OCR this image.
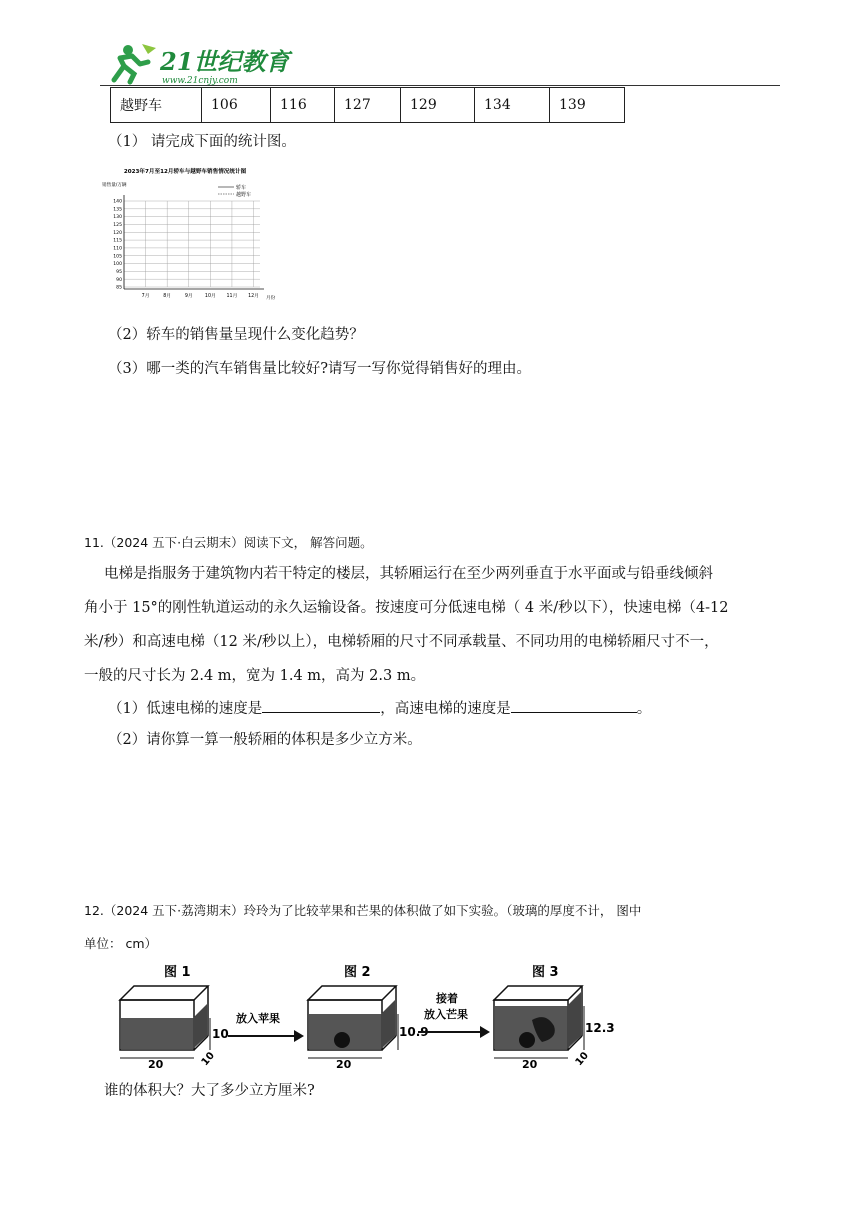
21世纪教育
www.21cnjy.com
越野车	106	116	127	129	134	139
（1） 请完成下面的统计图。
2023年7月至12月轿车与越野车销售情况统计图
销售量/万辆
月份
轿车
越野车
140
135
130
125
120
115
110
105
100
95
90
85
7月	8月	9月	10月 11月 12月
（2）轿车的销售量呈现什么变化趋势？
（3）哪一类的汽车销售量比较好?请写一写你觉得销售好的理由。
11.（2024 五下·白云期末）阅读下文， 解答问题。
电梯是指服务于建筑物内若干特定的楼层，其轿厢运行在至少两列垂直于水平面或与铅垂线倾斜
角小于 15°的刚性轨道运动的永久运输设备。按速度可分低速电梯（ 4 米/秒以下），快速电梯（4-12
米/秒）和高速电梯（12 米/秒以上），电梯轿厢的尺寸不同承载量、不同功用的电梯轿厢尺寸不一，
一般的尺寸长为 2.4 m，宽为 1.4 m，高为 2.3 m。
（1）低速电梯的速度是	，高速电梯的速度是	。
（2）请你算一算一般轿厢的体积是多少立方米。
12.（2024 五下·荔湾期末）玲玲为了比较苹果和芒果的体积做了如下实验。（玻璃的厚度不计， 图中
单位： cm）
图 1
10
20	10
放入苹果
图 2
10.9
20
接着
放入芒果
图 3
12.3
20	10
谁的体积大？大了多少立方厘米?
